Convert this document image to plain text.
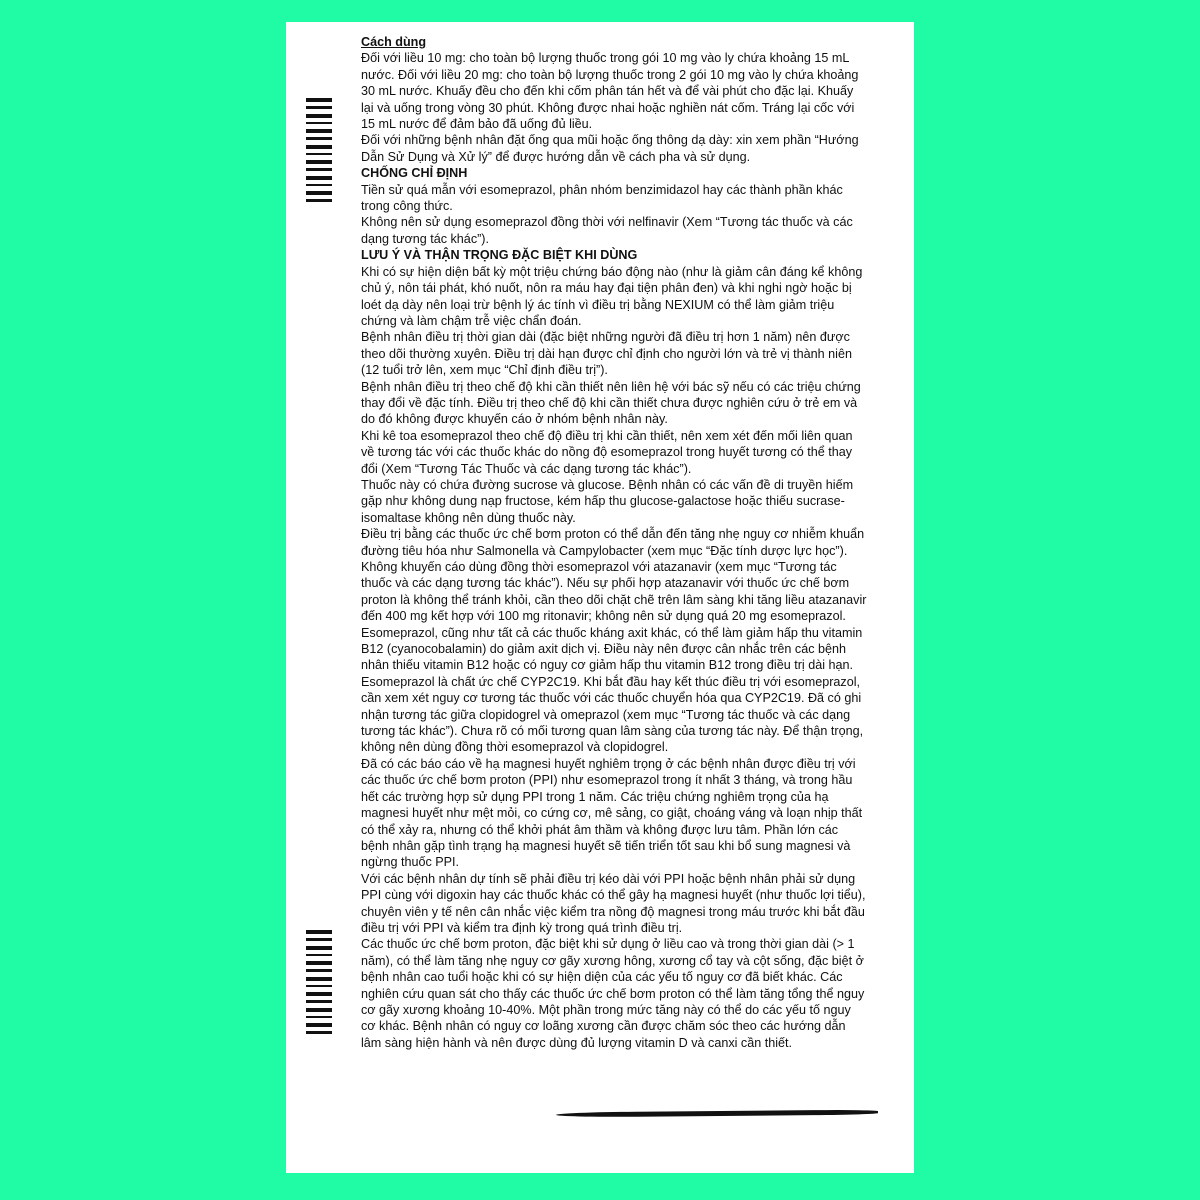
Cách dùng

Đối với liều 10 mg: cho toàn bộ lượng thuốc trong gói 10 mg vào ly chứa khoảng 15 mL nước. Đối với liều 20 mg: cho toàn bộ lượng thuốc trong 2 gói 10 mg vào ly chứa khoảng 30 mL nước. Khuấy đều cho đến khi cốm phân tán hết và để vài phút cho đặc lại. Khuấy lại và uống trong vòng 30 phút. Không được nhai hoặc nghiền nát cốm. Tráng lại cốc với 15 mL nước để đảm bảo đã uống đủ liều.

Đối với những bệnh nhân đặt ống qua mũi hoặc ống thông dạ dày: xin xem phần “Hướng Dẫn Sử Dụng và Xử lý” để được hướng dẫn về cách pha và sử dụng.

CHỐNG CHỈ ĐỊNH

Tiền sử quá mẫn với esomeprazol, phân nhóm benzimidazol hay các thành phần khác trong công thức.

Không nên sử dụng esomeprazol đồng thời với nelfinavir (Xem “Tương tác thuốc và các dạng tương tác khác”).

LƯU Ý VÀ THẬN TRỌNG ĐẶC BIỆT KHI DÙNG

Khi có sự hiện diện bất kỳ một triệu chứng báo động nào (như là giảm cân đáng kể không chủ ý, nôn tái phát, khó nuốt, nôn ra máu hay đại tiện phân đen) và khi nghi ngờ hoặc bị loét dạ dày nên loại trừ bệnh lý ác tính vì điều trị bằng NEXIUM có thể làm giảm triệu chứng và làm chậm trễ việc chẩn đoán.

Bệnh nhân điều trị thời gian dài (đặc biệt những người đã điều trị hơn 1 năm) nên được theo dõi thường xuyên. Điều trị dài hạn được chỉ định cho người lớn và trẻ vị thành niên (12 tuổi trở lên, xem mục “Chỉ định điều trị”).

Bệnh nhân điều trị theo chế độ khi cần thiết nên liên hệ với bác sỹ nếu có các triệu chứng thay đổi về đặc tính. Điều trị theo chế độ khi cần thiết chưa được nghiên cứu ở trẻ em và do đó không được khuyến cáo ở nhóm bệnh nhân này.

Khi kê toa esomeprazol theo chế độ điều trị khi cần thiết, nên xem xét đến mối liên quan về tương tác với các thuốc khác do nồng độ esomeprazol trong huyết tương có thể thay đổi (Xem “Tương Tác Thuốc và các dạng tương tác khác”).

Thuốc này có chứa đường sucrose và glucose. Bệnh nhân có các vấn đề di truyền hiếm gặp như không dung nạp fructose, kém hấp thu glucose-galactose hoặc thiếu sucrase-isomaltase không nên dùng thuốc này.

Điều trị bằng các thuốc ức chế bơm proton có thể dẫn đến tăng nhẹ nguy cơ nhiễm khuẩn đường tiêu hóa như Salmonella và Campylobacter (xem mục “Đặc tính dược lực học”).

Không khuyến cáo dùng đồng thời esomeprazol với atazanavir (xem mục “Tương tác thuốc và các dạng tương tác khác”). Nếu sự phối hợp atazanavir với thuốc ức chế bơm proton là không thể tránh khỏi, cần theo dõi chặt chẽ trên lâm sàng khi tăng liều atazanavir đến 400 mg kết hợp với 100 mg ritonavir; không nên sử dụng quá 20 mg esomeprazol.

Esomeprazol, cũng như tất cả các thuốc kháng axit khác, có thể làm giảm hấp thu vitamin B12 (cyanocobalamin) do giảm axit dịch vị. Điều này nên được cân nhắc trên các bệnh nhân thiếu vitamin B12 hoặc có nguy cơ giảm hấp thu vitamin B12 trong điều trị dài hạn.

Esomeprazol là chất ức chế CYP2C19. Khi bắt đầu hay kết thúc điều trị với esomeprazol, cần xem xét nguy cơ tương tác thuốc với các thuốc chuyển hóa qua CYP2C19. Đã có ghi nhận tương tác giữa clopidogrel và omeprazol (xem mục “Tương tác thuốc và các dạng tương tác khác”). Chưa rõ có mối tương quan lâm sàng của tương tác này. Để thận trọng, không nên dùng đồng thời esomeprazol và clopidogrel.

Đã có các báo cáo về hạ magnesi huyết nghiêm trọng ở các bệnh nhân được điều trị với các thuốc ức chế bơm proton (PPI) như esomeprazol trong ít nhất 3 tháng, và trong hầu hết các trường hợp sử dụng PPI trong 1 năm. Các triệu chứng nghiêm trọng của hạ magnesi huyết như mệt mỏi, co cứng cơ, mê sảng, co giật, choáng váng và loạn nhịp thất có thể xảy ra, nhưng có thể khởi phát âm thầm và không được lưu tâm. Phần lớn các bệnh nhân gặp tình trạng hạ magnesi huyết sẽ tiến triển tốt sau khi bổ sung magnesi và ngừng thuốc PPI.

Với các bệnh nhân dự tính sẽ phải điều trị kéo dài với PPI hoặc bệnh nhân phải sử dụng PPI cùng với digoxin hay các thuốc khác có thể gây hạ magnesi huyết (như thuốc lợi tiểu), chuyên viên y tế nên cân nhắc việc kiểm tra nồng độ magnesi trong máu trước khi bắt đầu điều trị với PPI và kiểm tra định kỳ trong quá trình điều trị.

Các thuốc ức chế bơm proton, đặc biệt khi sử dụng ở liều cao và trong thời gian dài (> 1 năm), có thể làm tăng nhẹ nguy cơ gãy xương hông, xương cổ tay và cột sống, đặc biệt ở bệnh nhân cao tuổi hoặc khi có sự hiện diện của các yếu tố nguy cơ đã biết khác. Các nghiên cứu quan sát cho thấy các thuốc ức chế bơm proton có thể làm tăng tổng thể nguy cơ gãy xương khoảng 10-40%. Một phần trong mức tăng này có thể do các yếu tố nguy cơ khác. Bệnh nhân có nguy cơ loãng xương cần được chăm sóc theo các hướng dẫn lâm sàng hiện hành và nên được dùng đủ lượng vitamin D và canxi cần thiết.
